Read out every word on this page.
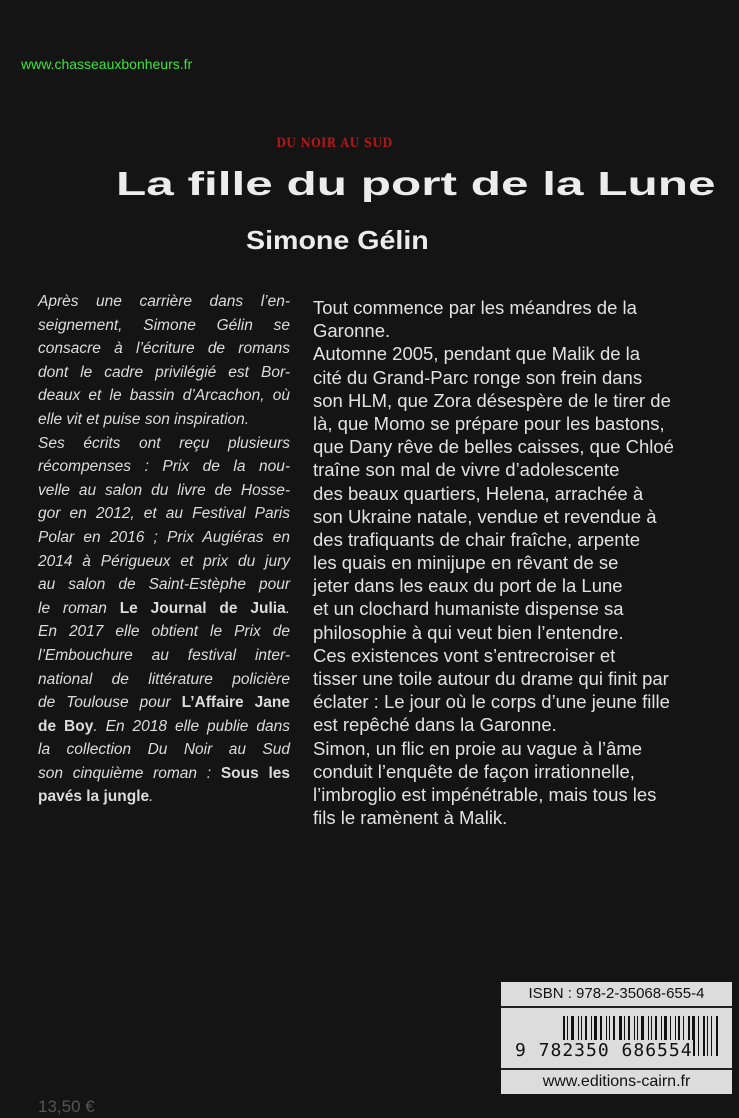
www.chasseauxbonheurs.fr
DU NOIR AU SUD
La fille du port de la Lune
Simone Gélin
Après une carrière dans l’en-
seignement, Simone Gélin se
consacre à l’écriture de romans
dont le cadre privilégié est Bor-
deaux et le bassin d’Arcachon, où
elle vit et puise son inspiration.
Ses écrits ont reçu plusieurs
récompenses : Prix de la nou-
velle au salon du livre de Hosse-
gor en 2012, et au Festival Paris
Polar en 2016 ; Prix Augiéras en
2014 à Périgueux et prix du jury
au salon de Saint-Estèphe pour
le roman Le Journal de Julia.
En 2017 elle obtient le Prix de
l’Embouchure au festival inter-
national de littérature policière
de Toulouse pour L’Affaire Jane
de Boy. En 2018 elle publie dans
la collection Du Noir au Sud
son cinquième roman : Sous les
pavés la jungle.
Tout commence par les méandres de la
Garonne.
Automne 2005, pendant que Malik de la
cité du Grand-Parc ronge son frein dans
son HLM, que Zora désespère de le tirer de
là, que Momo se prépare pour les bastons,
que Dany rêve de belles caisses, que Chloé
traîne son mal de vivre d’adolescente
des beaux quartiers, Helena, arrachée à
son Ukraine natale, vendue et revendue à
des trafiquants de chair fraîche, arpente
les quais en minijupe en rêvant de se
jeter dans les eaux du port de la Lune
et un clochard humaniste dispense sa
philosophie à qui veut bien l’entendre.
Ces existences vont s’entrecroiser et
tisser une toile autour du drame qui finit par
éclater : Le jour où le corps d’une jeune fille
est repêché dans la Garonne.
Simon, un flic en proie au vague à l’âme
conduit l’enquête de façon irrationnelle,
l’imbroglio est impénétrable, mais tous les
fils le ramènent à Malik.
ISBN : 978-2-35068-655-4
9 782350 686554
www.editions-cairn.fr
13,50 €
